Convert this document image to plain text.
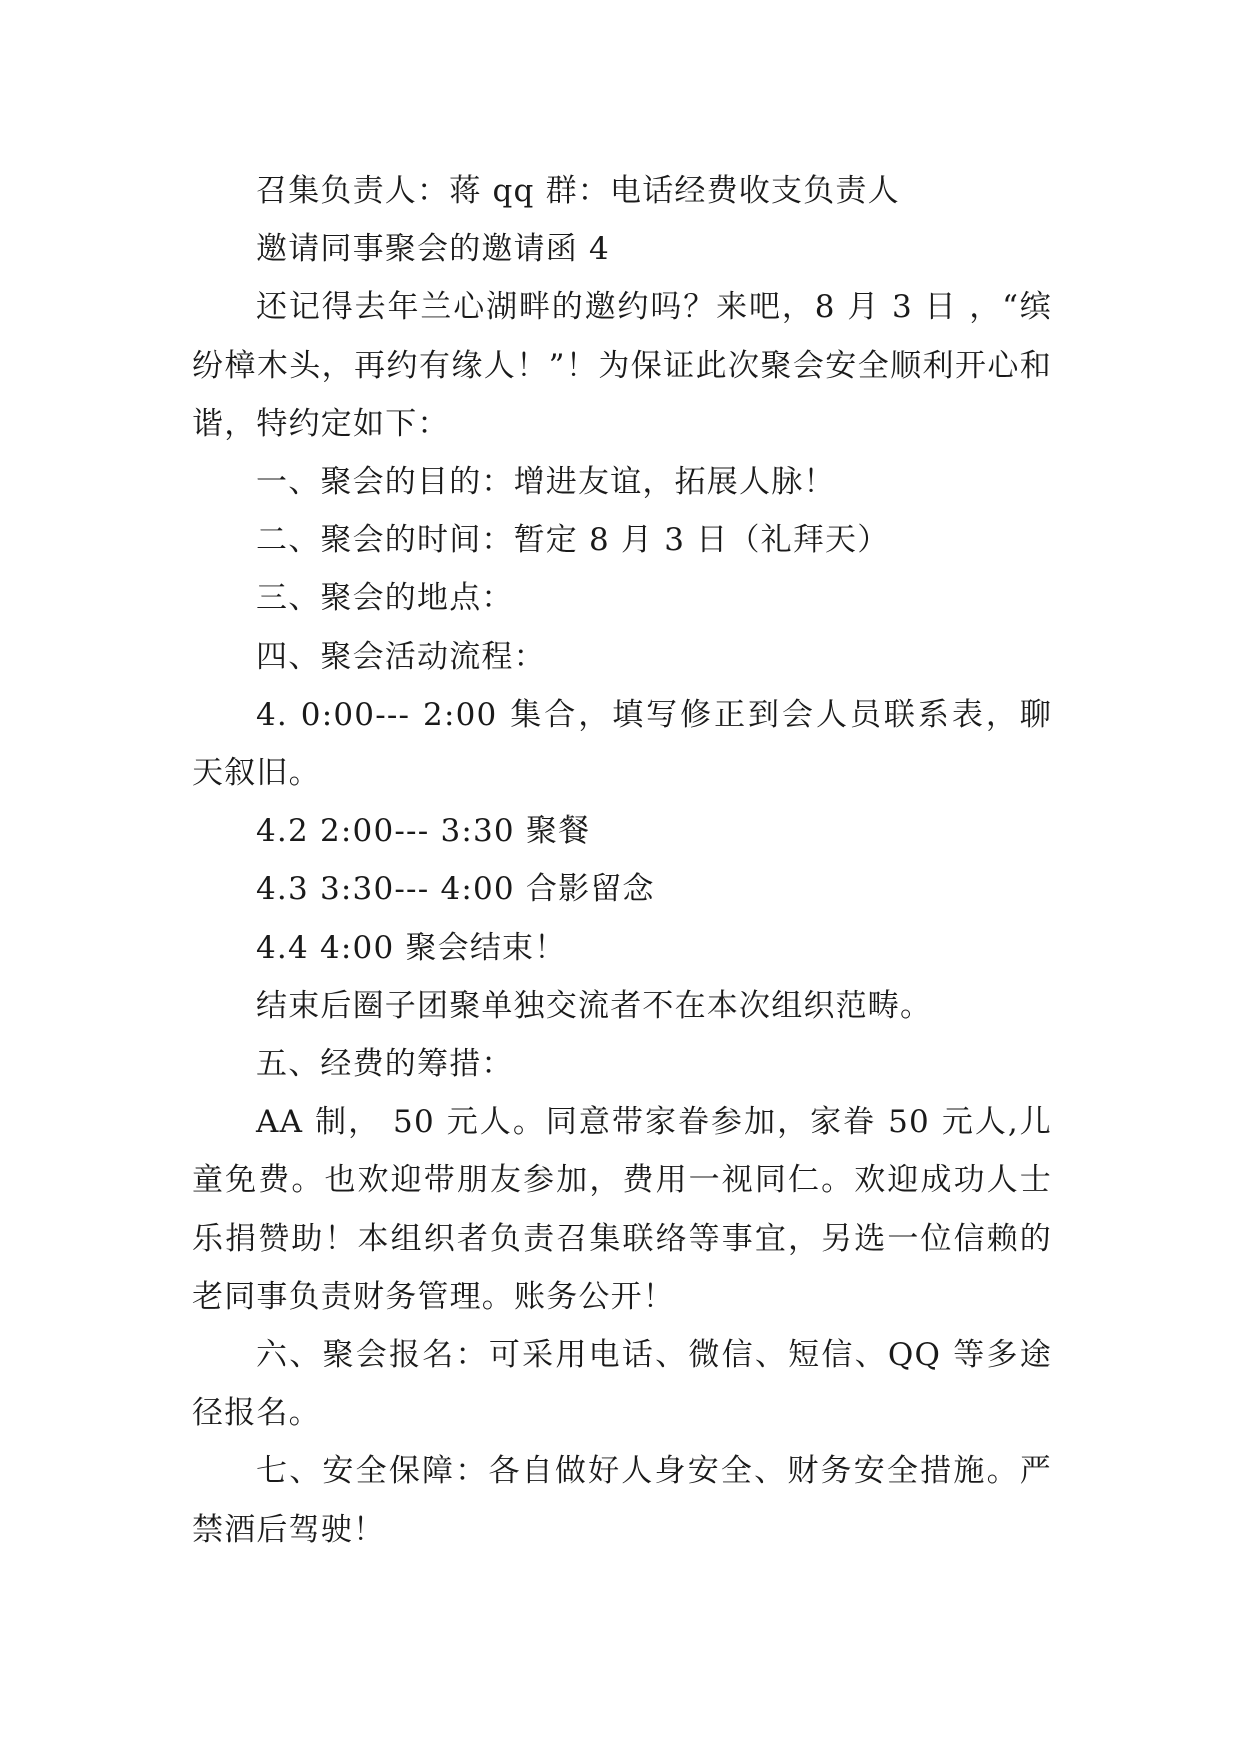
召集负责人：蒋 qq 群：电话经费收支负责人

邀请同事聚会的邀请函 4

还记得去年兰心湖畔的邀约吗？来吧，8 月 3 日 ，“缤纷樟木头，再约有缘人！”！为保证此次聚会安全顺利开心和谐，特约定如下：

一、聚会的目的：增进友谊，拓展人脉！

二、聚会的时间：暂定 8 月 3 日（礼拜天）

三、聚会的地点：

四、聚会活动流程：

4. 0:00--- 2:00 集合，填写修正到会人员联系表，聊天叙旧。

4.2 2:00--- 3:30 聚餐

4.3 3:30--- 4:00 合影留念

4.4 4:00 聚会结束！

结束后圈子团聚单独交流者不在本次组织范畴。

五、经费的筹措：

AA 制， 50 元人。同意带家眷参加，家眷 50 元人,儿童免费。也欢迎带朋友参加，费用一视同仁。欢迎成功人士乐捐赞助！本组织者负责召集联络等事宜，另选一位信赖的老同事负责财务管理。账务公开！

六、聚会报名：可采用电话、微信、短信、QQ 等多途径报名。

七、安全保障：各自做好人身安全、财务安全措施。严禁酒后驾驶！
